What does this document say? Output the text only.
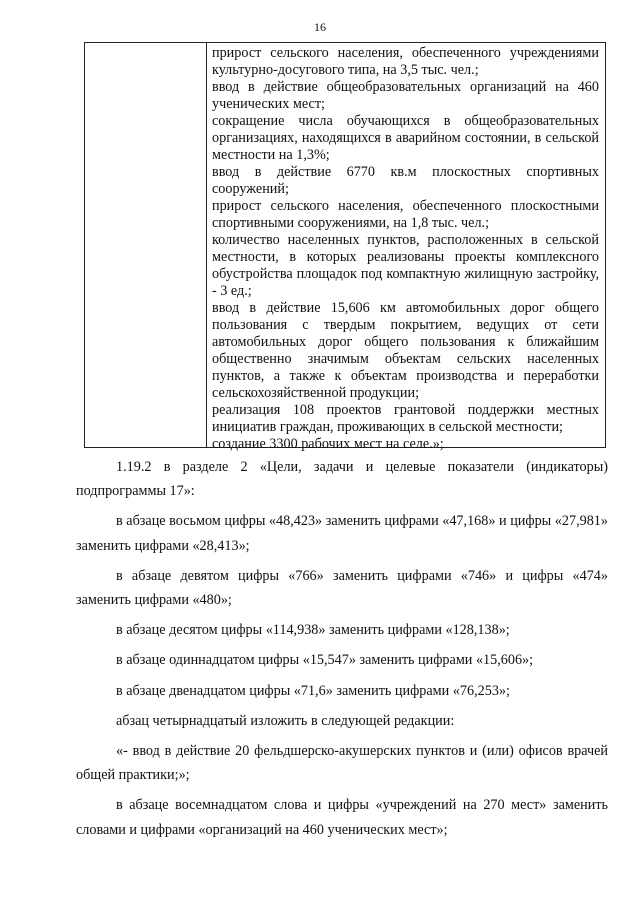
16
прирост сельского населения, обеспеченного учреждениями культурно-досугового типа, на 3,5 тыс. чел.;
ввод в действие общеобразовательных организаций на 460 ученических мест;
сокращение числа обучающихся в общеобразовательных организациях, находящихся в аварийном состоянии, в сельской местности на 1,3%;
ввод в действие 6770 кв.м плоскостных спортивных сооружений;
прирост сельского населения, обеспеченного плоскостными спортивными сооружениями, на 1,8 тыс. чел.;
количество населенных пунктов, расположенных в сельской местности, в которых реализованы проекты комплексного обустройства площадок под компактную жилищную застройку, - 3 ед.;
ввод в действие 15,606 км автомобильных дорог общего пользования с твердым покрытием, ведущих от сети автомобильных дорог общего пользования к ближайшим общественно значимым объектам сельских населенных пунктов, а также к объектам производства и переработки сельскохозяйственной продукции;
реализация 108 проектов грантовой поддержки местных инициатив граждан, проживающих в сельской местности;
создание 3300 рабочих мест на селе.»;

1.19.2 в разделе 2 «Цели, задачи и целевые показатели (индикаторы) подпрограммы 17»:

в абзаце восьмом цифры «48,423» заменить цифрами «47,168» и цифры «27,981» заменить цифрами «28,413»;

в абзаце девятом цифры «766» заменить цифрами «746» и цифры «474» заменить цифрами «480»;

в абзаце десятом цифры «114,938» заменить цифрами «128,138»;

в абзаце одиннадцатом цифры «15,547» заменить цифрами «15,606»;

в абзаце двенадцатом цифры «71,6» заменить цифрами «76,253»;

абзац четырнадцатый изложить в следующей редакции:

«- ввод в действие 20 фельдшерско-акушерских пунктов и (или) офисов врачей общей практики;»;

в абзаце восемнадцатом слова и цифры «учреждений на 270 мест» заменить словами и цифрами «организаций на 460 ученических мест»;
